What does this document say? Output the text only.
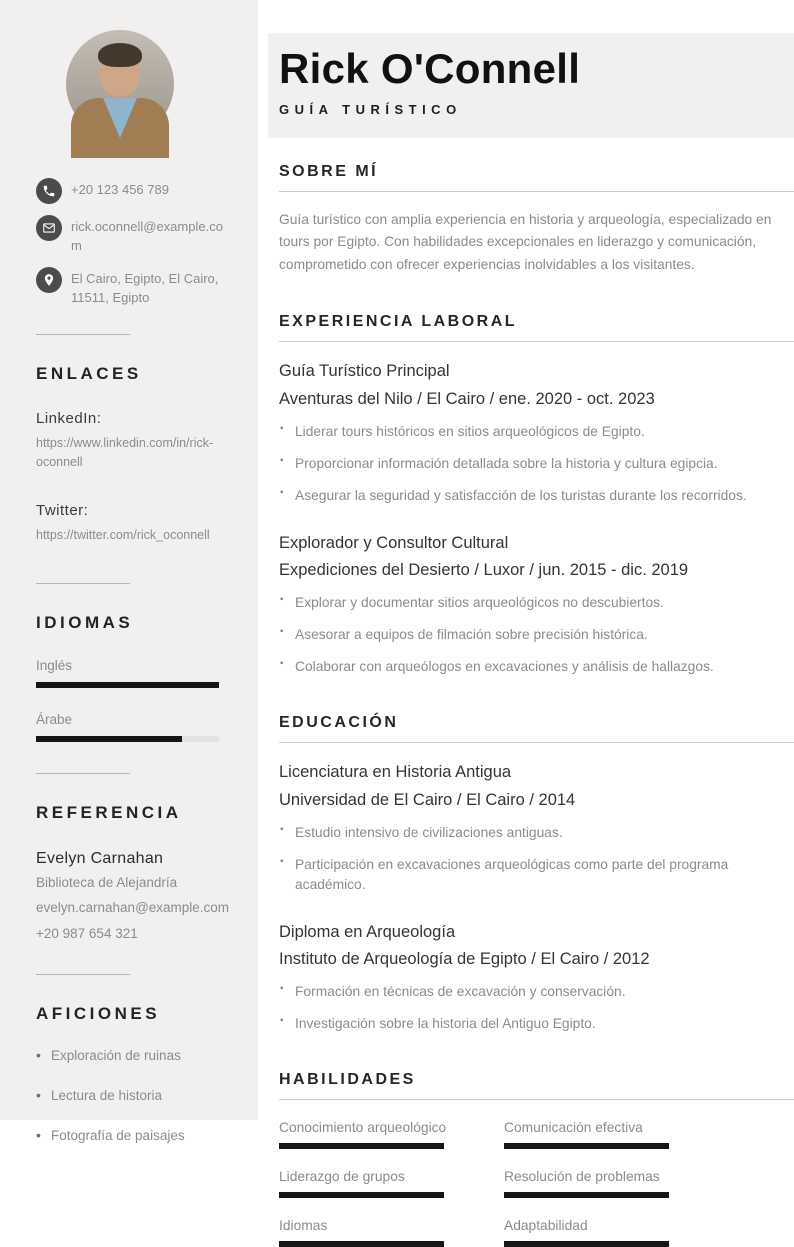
+20 123 456 789
rick.oconnell@example.com
El Cairo, Egipto, El Cairo, 11511, Egipto
ENLACES
LinkedIn:
https://www.linkedin.com/in/rick-oconnell
Twitter:
https://twitter.com/rick_oconnell
IDIOMAS
Inglés
Árabe
REFERENCIA
Evelyn Carnahan
Biblioteca de Alejandría
evelyn.carnahan@example.com
+20 987 654 321
AFICIONES
• Exploración de ruinas
• Lectura de historia
• Fotografía de paisajes
Rick O'Connell
GUÍA TURÍSTICO
SOBRE MÍ

Guía turístico con amplia experiencia en historia y arqueología, especializado en tours por Egipto. Con habilidades excepcionales en liderazgo y comunicación, comprometido con ofrecer experiencias inolvidables a los visitantes.

EXPERIENCIA LABORAL
Guía Turístico Principal
Aventuras del Nilo / El Cairo / ene. 2020 - oct. 2023
▪ Liderar tours históricos en sitios arqueológicos de Egipto.
▪ Proporcionar información detallada sobre la historia y cultura egipcia.
▪ Asegurar la seguridad y satisfacción de los turistas durante los recorridos.
Explorador y Consultor Cultural
Expediciones del Desierto / Luxor / jun. 2015 - dic. 2019
▪ Explorar y documentar sitios arqueológicos no descubiertos.
▪ Asesorar a equipos de filmación sobre precisión histórica.
▪ Colaborar con arqueólogos en excavaciones y análisis de hallazgos.
EDUCACIÓN
Licenciatura en Historia Antigua
Universidad de El Cairo / El Cairo / 2014
▪ Estudio intensivo de civilizaciones antiguas.
▪ Participación en excavaciones arqueológicas como parte del programa académico.
Diploma en Arqueología
Instituto de Arqueología de Egipto / El Cairo / 2012
▪ Formación en técnicas de excavación y conservación.
▪ Investigación sobre la historia del Antiguo Egipto.
HABILIDADES
Conocimiento arqueológico	Comunicación efectiva
Liderazgo de grupos	Resolución de problemas
Idiomas	Adaptabilidad
